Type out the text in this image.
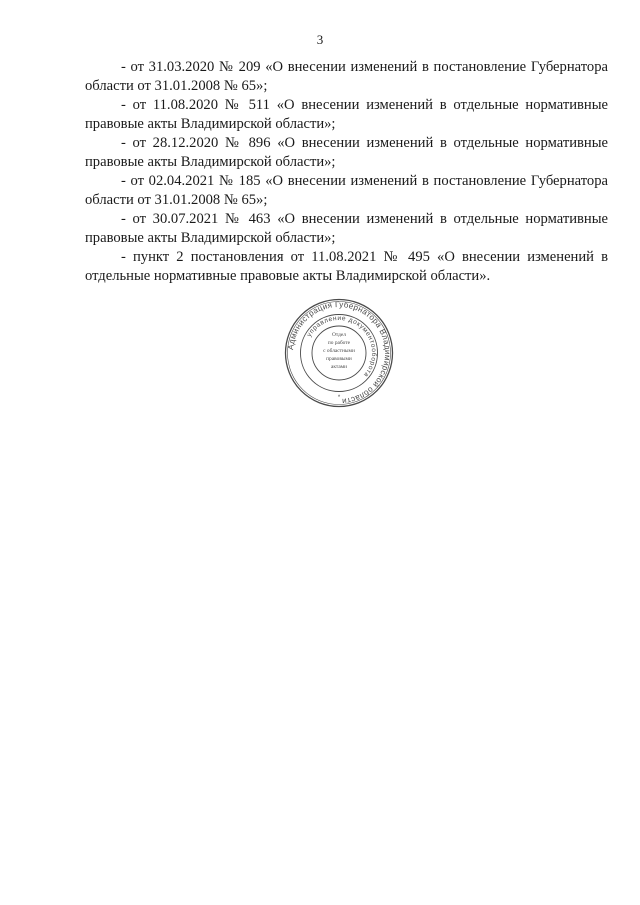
3

- от 31.03.2020 № 209 «О внесении изменений в постановление Губернатора области от 31.01.2008 № 65»;

- от 11.08.2020 № 511 «О внесении изменений в отдельные нормативные правовые акты Владимирской области»;

- от 28.12.2020 № 896 «О внесении изменений в отдельные нормативные правовые акты Владимирской области»;

- от 02.04.2021 № 185 «О внесении изменений в постановление Губернатора области от 31.01.2008 № 65»;

- от 30.07.2021 № 463 «О внесении изменений в отдельные нормативные правовые акты Владимирской области»;

- пункт 2 постановления от 11.08.2021 № 495 «О внесении изменений в отдельные нормативные правовые акты Владимирской области».

Администрация Губернатора Владимирской области
управление документооборота
*
Отдел
по работе
с областными
правовыми
актами
